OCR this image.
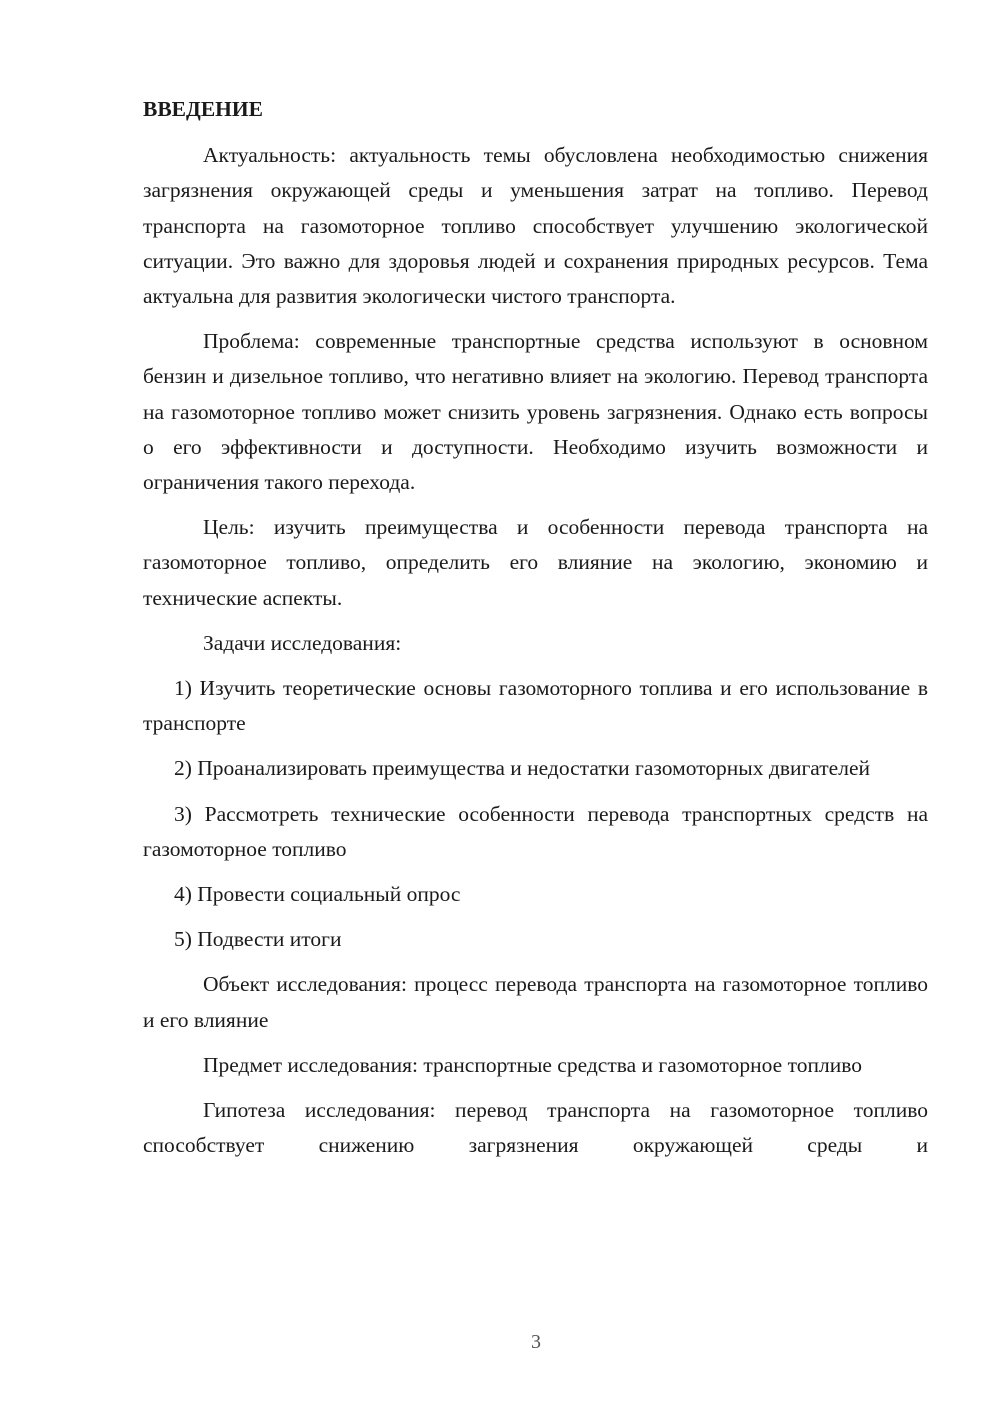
ВВЕДЕНИЕ

Актуальность: актуальность темы обусловлена необходимостью снижения загрязнения окружающей среды и уменьшения затрат на топливо. Перевод транспорта на газомоторное топливо способствует улучшению экологической ситуации. Это важно для здоровья людей и сохранения природных ресурсов. Тема актуальна для развития экологически чистого транспорта.

Проблема: современные транспортные средства используют в основном бензин и дизельное топливо, что негативно влияет на экологию. Перевод транспорта на газомоторное топливо может снизить уровень загрязнения. Однако есть вопросы о его эффективности и доступности. Необходимо изучить возможности и ограничения такого перехода.

Цель: изучить преимущества и особенности перевода транспорта на газомоторное топливо, определить его влияние на экологию, экономию и технические аспекты.

Задачи исследования:

1) Изучить теоретические основы газомоторного топлива и его использование в транспорте

2) Проанализировать преимущества и недостатки газомоторных двигателей

3) Рассмотреть технические особенности перевода транспортных средств на газомоторное топливо

4) Провести социальный опрос

5) Подвести итоги

Объект исследования: процесс перевода транспорта на газомоторное топливо и его влияние

Предмет исследования: транспортные средства и газомоторное топливо

Гипотеза исследования: перевод транспорта на газомоторное топливо способствует снижению загрязнения окружающей среды и

3
